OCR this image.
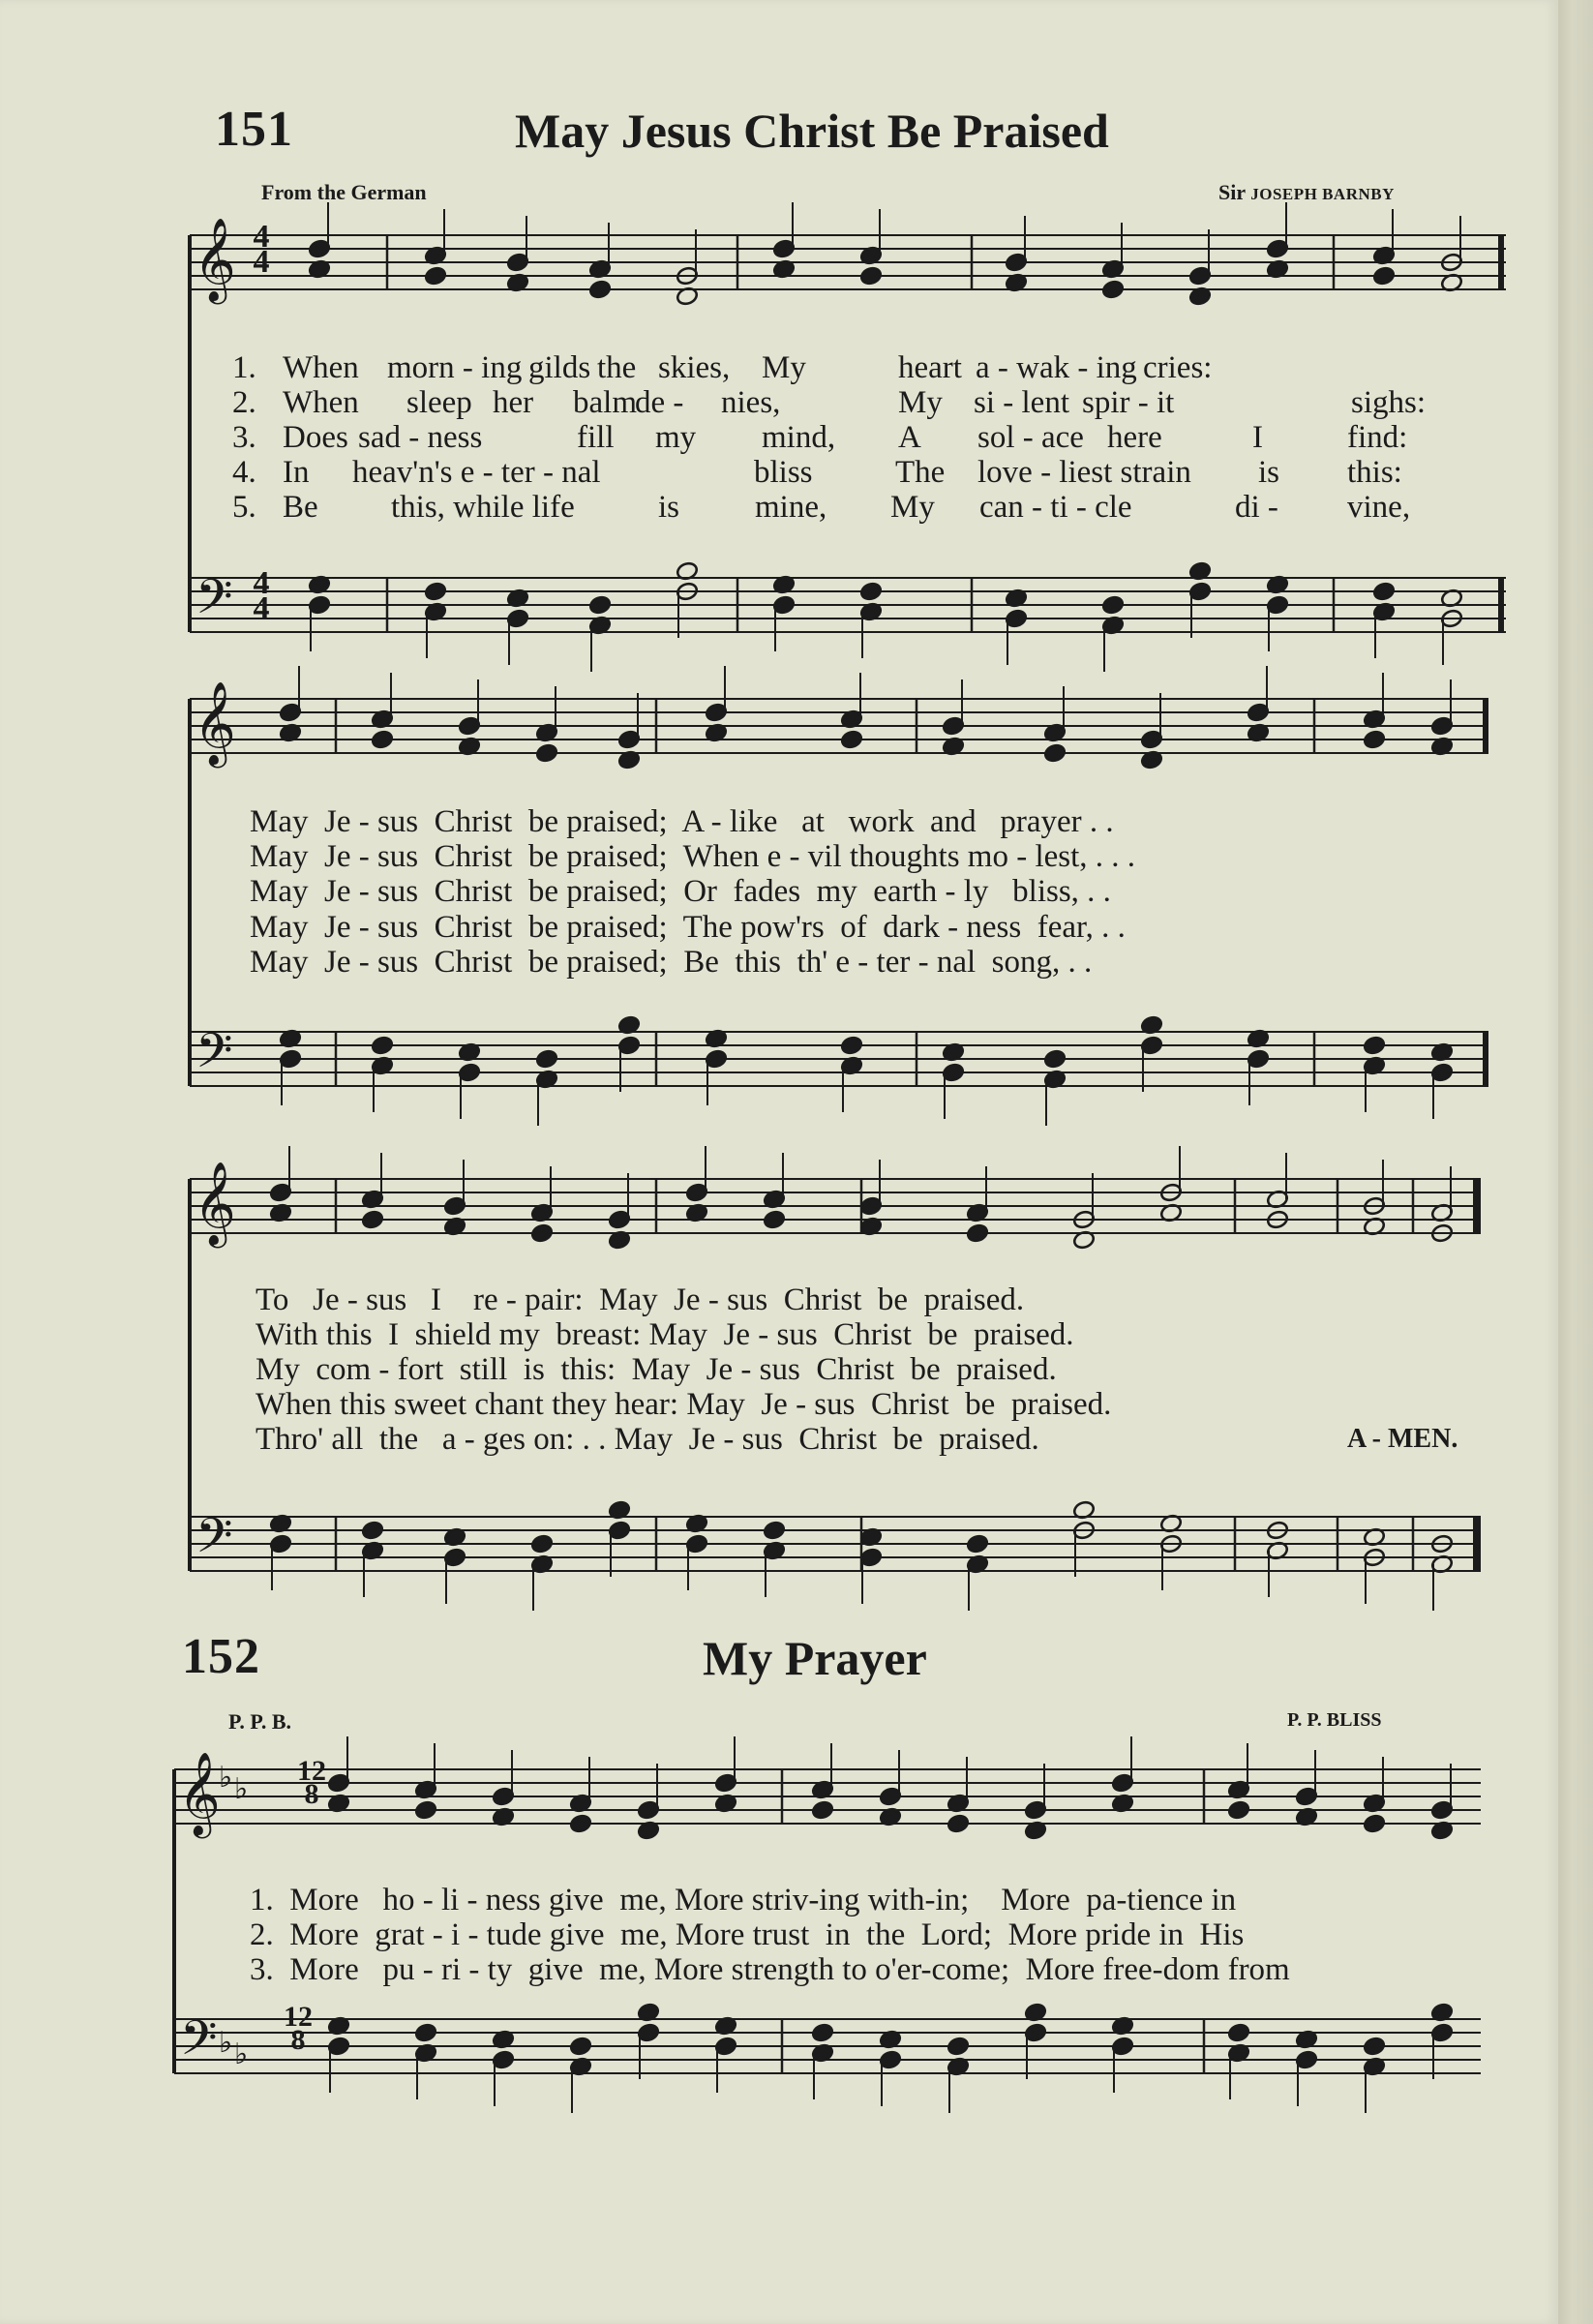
151	May Jesus Christ Be Praised
From the German	Sir JOSEPH BARNBY
𝄞
𝄢
𝄞
𝄢
𝄞
𝄢
𝄞
𝄢
♭ ♭
♭ ♭
4
4
4
4
1. When morn - ing gilds the skies, My	heart a - wak - ing cries:
2. When sleep her balm
de - nies,	My si - lent spir - it	sighs:
3. Does sad - ness	fill my mind, A sol - ace here	I	find:
4. In heav'n's e - ter - nal	bliss	The love - liest strain is this:
5. Be this, while life	is mine, My can - ti - cle	di - vine,
May  Je - sus  Christ  be praised;  A - like   at   work  and   prayer . .
May  Je - sus  Christ  be praised;  When e - vil thoughts mo - lest, . . .
May  Je - sus  Christ  be praised;  Or  fades  my  earth - ly   bliss, . .
May  Je - sus  Christ  be praised;  The pow'rs  of  dark - ness  fear, . .
May  Je - sus  Christ  be praised;  Be  this  th' e - ter - nal  song, . .
To   Je - sus   I    re - pair:  May  Je - sus  Christ  be  praised.
With this  I  shield my  breast: May  Je - sus  Christ  be  praised.
My  com - fort  still  is  this:  May  Je - sus  Christ  be  praised.
When this sweet chant they hear: May  Je - sus  Christ  be  praised.
Thro' all  the   a - ges on: . . May  Je - sus  Christ  be  praised.	A - MEN.
152	My Prayer
P. P. B.	P. P. BLISS
12
8
12
8
1.  More   ho - li - ness give  me, More striv-ing with-in;    More  pa-tience in
2.  More  grat - i - tude give  me, More trust  in  the  Lord;  More pride in  His
3.  More   pu - ri - ty  give  me, More strength to o'er-come;  More free-dom from
